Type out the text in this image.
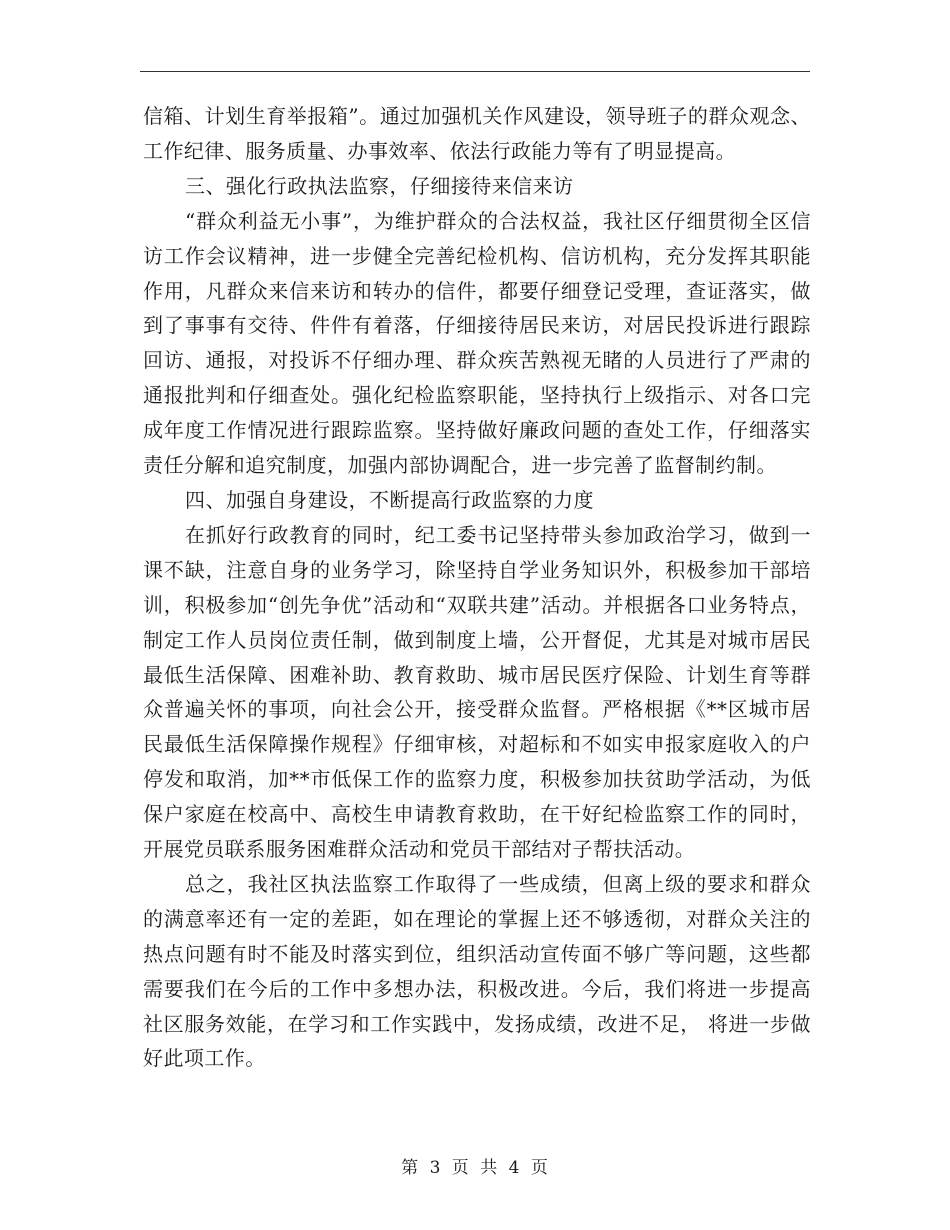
信箱、计划生育举报箱”。通过加强机关作风建设，领导班子的群众观念、工作纪律、服务质量、办事效率、依法行政能力等有了明显提高。

三、强化行政执法监察，仔细接待来信来访

“群众利益无小事”，为维护群众的合法权益，我社区仔细贯彻全区信访工作会议精神，进一步健全完善纪检机构、信访机构，充分发挥其职能作用，凡群众来信来访和转办的信件，都要仔细登记受理，查证落实，做到了事事有交待、件件有着落，仔细接待居民来访，对居民投诉进行跟踪回访、通报，对投诉不仔细办理、群众疾苦熟视无睹的人员进行了严肃的通报批判和仔细查处。强化纪检监察职能，坚持执行上级指示、对各口完成年度工作情况进行跟踪监察。坚持做好廉政问题的查处工作，仔细落实责任分解和追究制度，加强内部协调配合，进一步完善了监督制约制。

四、加强自身建设，不断提高行政监察的力度

在抓好行政教育的同时，纪工委书记坚持带头参加政治学习，做到一课不缺，注意自身的业务学习，除坚持自学业务知识外，积极参加干部培训，积极参加“创先争优”活动和“双联共建”活动。并根据各口业务特点，制定工作人员岗位责任制，做到制度上墙，公开督促，尤其是对城市居民最低生活保障、困难补助、教育救助、城市居民医疗保险、计划生育等群众普遍关怀的事项，向社会公开，接受群众监督。严格根据《**区城市居民最低生活保障操作规程》仔细审核，对超标和不如实申报家庭收入的户停发和取消，加**市低保工作的监察力度，积极参加扶贫助学活动，为低保户家庭在校高中、高校生申请教育救助，在干好纪检监察工作的同时，开展党员联系服务困难群众活动和党员干部结对子帮扶活动。

总之，我社区执法监察工作取得了一些成绩，但离上级的要求和群众的满意率还有一定的差距，如在理论的掌握上还不够透彻，对群众关注的热点问题有时不能及时落实到位，组织活动宣传面不够广等问题，这些都需要我们在今后的工作中多想办法，积极改进。今后，我们将进一步提高社区服务效能，在学习和工作实践中，发扬成绩，改进不足， 将进一步做好此项工作。

第 3 页 共 4 页
